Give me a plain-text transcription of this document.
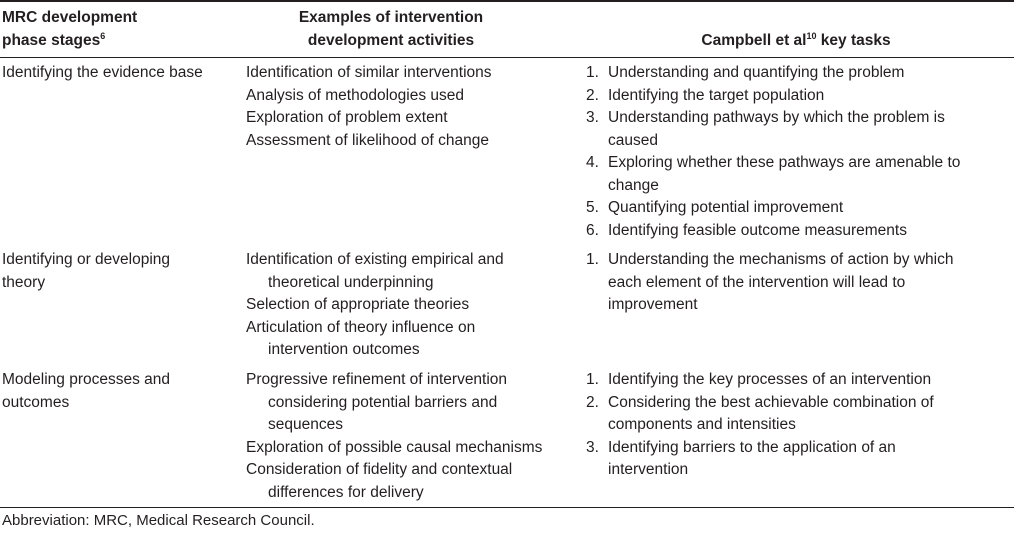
MRC development
phase stages$^6$
Examples of intervention
development activities	Campbell et $al^{10}$ key tasks
Identifying the evidence base	Identification of similar interventions
Analysis of methodologies used
Exploration of problem extent
Assessment of likelihood of change
1. Understanding and quantifying the problem
2. Identifying the target population
3. Understanding pathways by which the problem is
caused
4. Exploring whether these pathways are amenable to
change
5. Quantifying potential improvement
6. Identifying feasible outcome measurements
Identifying or developing
theory
Identification of existing empirical and
theoretical underpinning
Selection of appropriate theories
Articulation of theory influence on
intervention outcomes
1. Understanding the mechanisms of action by which
each element of the intervention will lead to
improvement
Modeling processes and
outcomes
Progressive refinement of intervention
considering potential barriers and
sequences
Exploration of possible causal mechanisms
Consideration of fidelity and contextual
differences for delivery
1. Identifying the key processes of an intervention
2. Considering the best achievable combination of
components and intensities
3. Identifying barriers to the application of an
intervention
Abbreviation: MRC, Medical Research Council.
